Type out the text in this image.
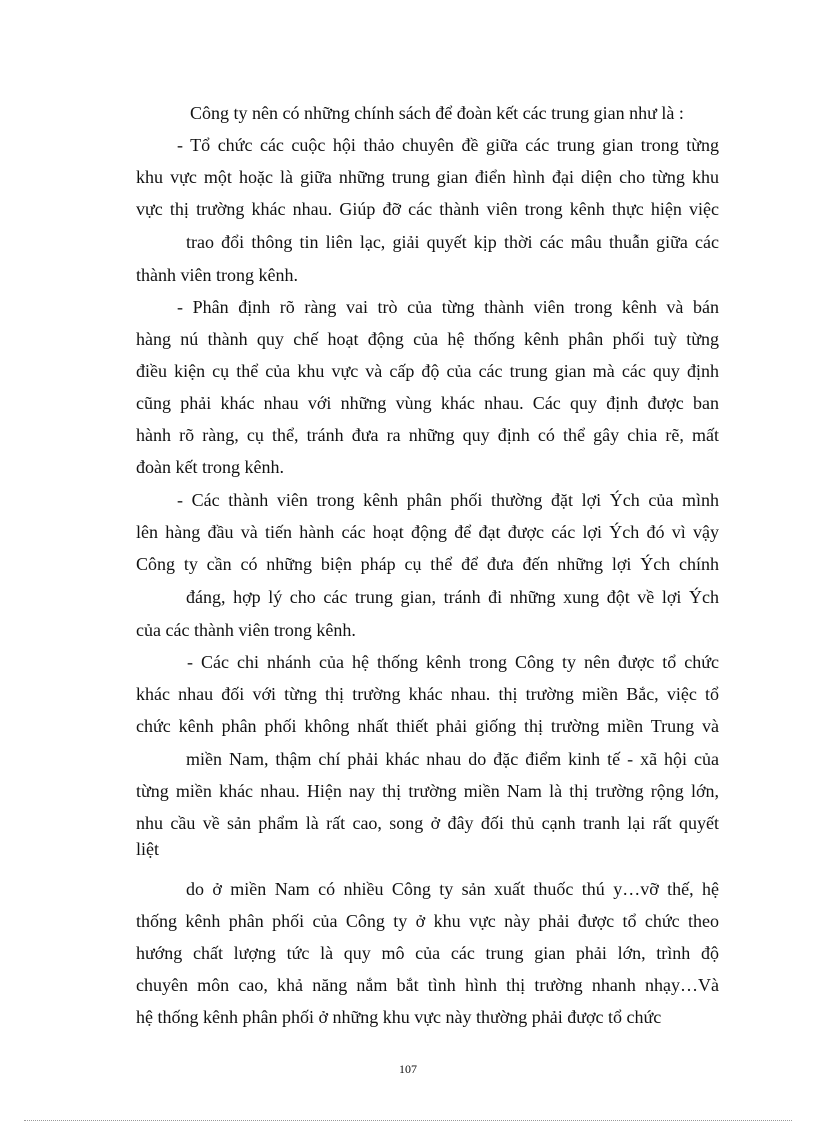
Công ty nên có những chính sách để đoàn kết các trung gian như là :
- Tổ chức các cuộc hội thảo chuyên đề giữa các trung gian trong từng
khu vực một hoặc là giữa những trung gian điển hình đại diện cho từng khu
vực thị trường khác nhau. Giúp đỡ các thành viên trong kênh thực hiện việc
trao đổi thông tin liên lạc, giải quyết kịp thời các mâu thuẫn giữa các
thành viên trong kênh.
- Phân định rõ ràng vai trò của từng thành viên trong kênh và bán
hàng nú thành quy chế hoạt động của hệ thống kênh phân phối tuỳ từng
điều kiện cụ thể của khu vực và cấp độ của các trung gian mà các quy định
cũng phải khác nhau với những vùng khác nhau. Các quy định được ban
hành rõ ràng, cụ thể, tránh đưa ra những quy định có thể gây chia rẽ, mất
đoàn kết trong kênh.
- Các thành viên trong kênh phân phối thường đặt lợi Ých của mình
lên hàng đầu và tiến hành các hoạt động để đạt được các lợi Ých đó vì vậy
Công ty cần có những biện pháp cụ thể để đưa đến những lợi Ých chính
đáng, hợp lý cho các trung gian, tránh đi những xung đột về lợi Ých
của các thành viên trong kênh.
- Các chi nhánh của hệ thống kênh trong Công ty nên được tổ chức
khác nhau đối với từng thị trường khác nhau. thị trường miền Bắc, việc tổ
chức kênh phân phối không nhất thiết phải giống thị trường miền Trung và
miền Nam, thậm chí phải khác nhau do đặc điểm kinh tế - xã hội của
từng miền khác nhau. Hiện nay thị trường miền Nam là thị trường rộng lớn,
nhu cầu về sản phẩm là rất cao, song ở đây đối thủ cạnh tranh lại rất quyết
liệt
do ở miền Nam có nhiều Công ty sản xuất thuốc thú y…vỡ thế, hệ
thống kênh phân phối của Công ty ở khu vực này phải được tổ chức theo
hướng chất lượng tức là quy mô của các trung gian phải lớn, trình độ
chuyên môn cao, khả năng nắm bắt tình hình thị trường nhanh nhạy…Và
hệ thống kênh phân phối ở những khu vực này thường phải được tổ chức
107
